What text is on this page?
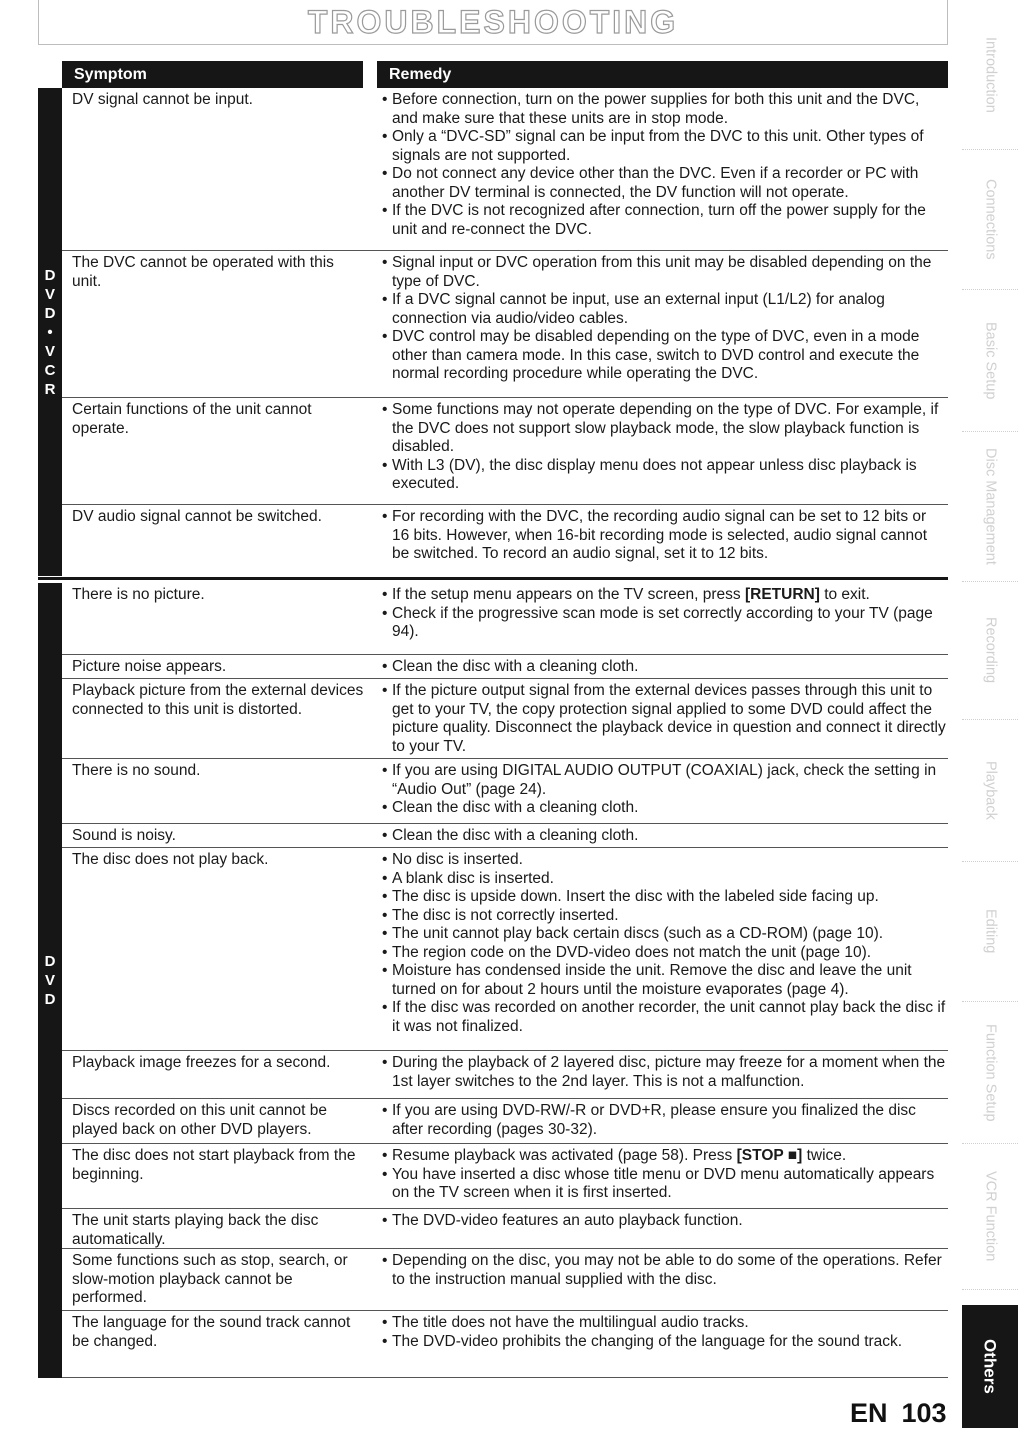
TROUBLESHOOTING
Symptom	Remedy
D
V
D
•
V
C
R
DV signal cannot be input.	• Before connection, turn on the power supplies for both this unit and the DVC, and make sure that these units are in stop mode.
• Only a “DVC-SD” signal can be input from the DVC to this unit. Other types of signals are not supported.
• Do not connect any device other than the DVC. Even if a recorder or PC with another DV terminal is connected, the DV function will not operate.
• If the DVC is not recognized after connection, turn off the power supply for the unit and re-connect the DVC.
The DVC cannot be operated with this unit.
• Signal input or DVC operation from this unit may be disabled depending on the type of DVC.
• If a DVC signal cannot be input, use an external input (L1/L2) for analog connection via audio/video cables.
• DVC control may be disabled depending on the type of DVC, even in a mode other than camera mode. In this case, switch to DVD control and execute the normal recording procedure while operating the DVC.
Certain functions of the unit cannot operate.
• Some functions may not operate depending on the type of DVC. For example, if the DVC does not support slow playback mode, the slow playback function is disabled.
• With L3 (DV), the disc display menu does not appear unless disc playback is executed.
DV audio signal cannot be switched.	• For recording with the DVC, the recording audio signal can be set to 12 bits or 16 bits. However, when 16-bit recording mode is selected, audio signal cannot be switched. To record an audio signal, set it to 12 bits.
D
V
D
There is no picture.	• If the setup menu appears on the TV screen, press [RETURN] to exit.
• Check if the progressive scan mode is set correctly according to your TV (page 94).
Picture noise appears.	• Clean the disc with a cleaning cloth.
Playback picture from the external devices connected to this unit is distorted.
• If the picture output signal from the external devices passes through this unit to get to your TV, the copy protection signal applied to some DVD could affect the picture quality. Disconnect the playback device in question and connect it directly to your TV.
There is no sound.	• If you are using DIGITAL AUDIO OUTPUT (COAXIAL) jack, check the setting in “Audio Out” (page 24).
• Clean the disc with a cleaning cloth.
Sound is noisy.	• Clean the disc with a cleaning cloth.
The disc does not play back.	• No disc is inserted.
• A blank disc is inserted.
• The disc is upside down. Insert the disc with the labeled side facing up.
• The disc is not correctly inserted.
• The unit cannot play back certain discs (such as a CD-ROM) (page 10).
• The region code on the DVD-video does not match the unit (page 10).
• Moisture has condensed inside the unit. Remove the disc and leave the unit turned on for about 2 hours until the moisture evaporates (page 4).
• If the disc was recorded on another recorder, the unit cannot play back the disc if it was not finalized.
Playback image freezes for a second.	• During the playback of 2 layered disc, picture may freeze for a moment when the 1st layer switches to the 2nd layer. This is not a malfunction.
Discs recorded on this unit cannot be played back on other DVD players.
• If you are using DVD-RW/-R or DVD+R, please ensure you finalized the disc after recording (pages 30-32).
The disc does not start playback from the beginning.
• Resume playback was activated (page 58). Press [STOP ■] twice.
• You have inserted a disc whose title menu or DVD menu automatically appears on the TV screen when it is first inserted.
The unit starts playing back the disc automatically.
• The DVD-video features an auto playback function.
Some functions such as stop, search, or slow-motion playback cannot be performed.
• Depending on the disc, you may not be able to do some of the operations. Refer to the instruction manual supplied with the disc.
The language for the sound track cannot be changed.
• The title does not have the multilingual audio tracks.
• The DVD-video prohibits the changing of the language for the sound track.
Introduction
Connections
Basic Setup
Disc Management
Recording
Playback
Editing
Function Setup
VCR Function
Others
EN 103
